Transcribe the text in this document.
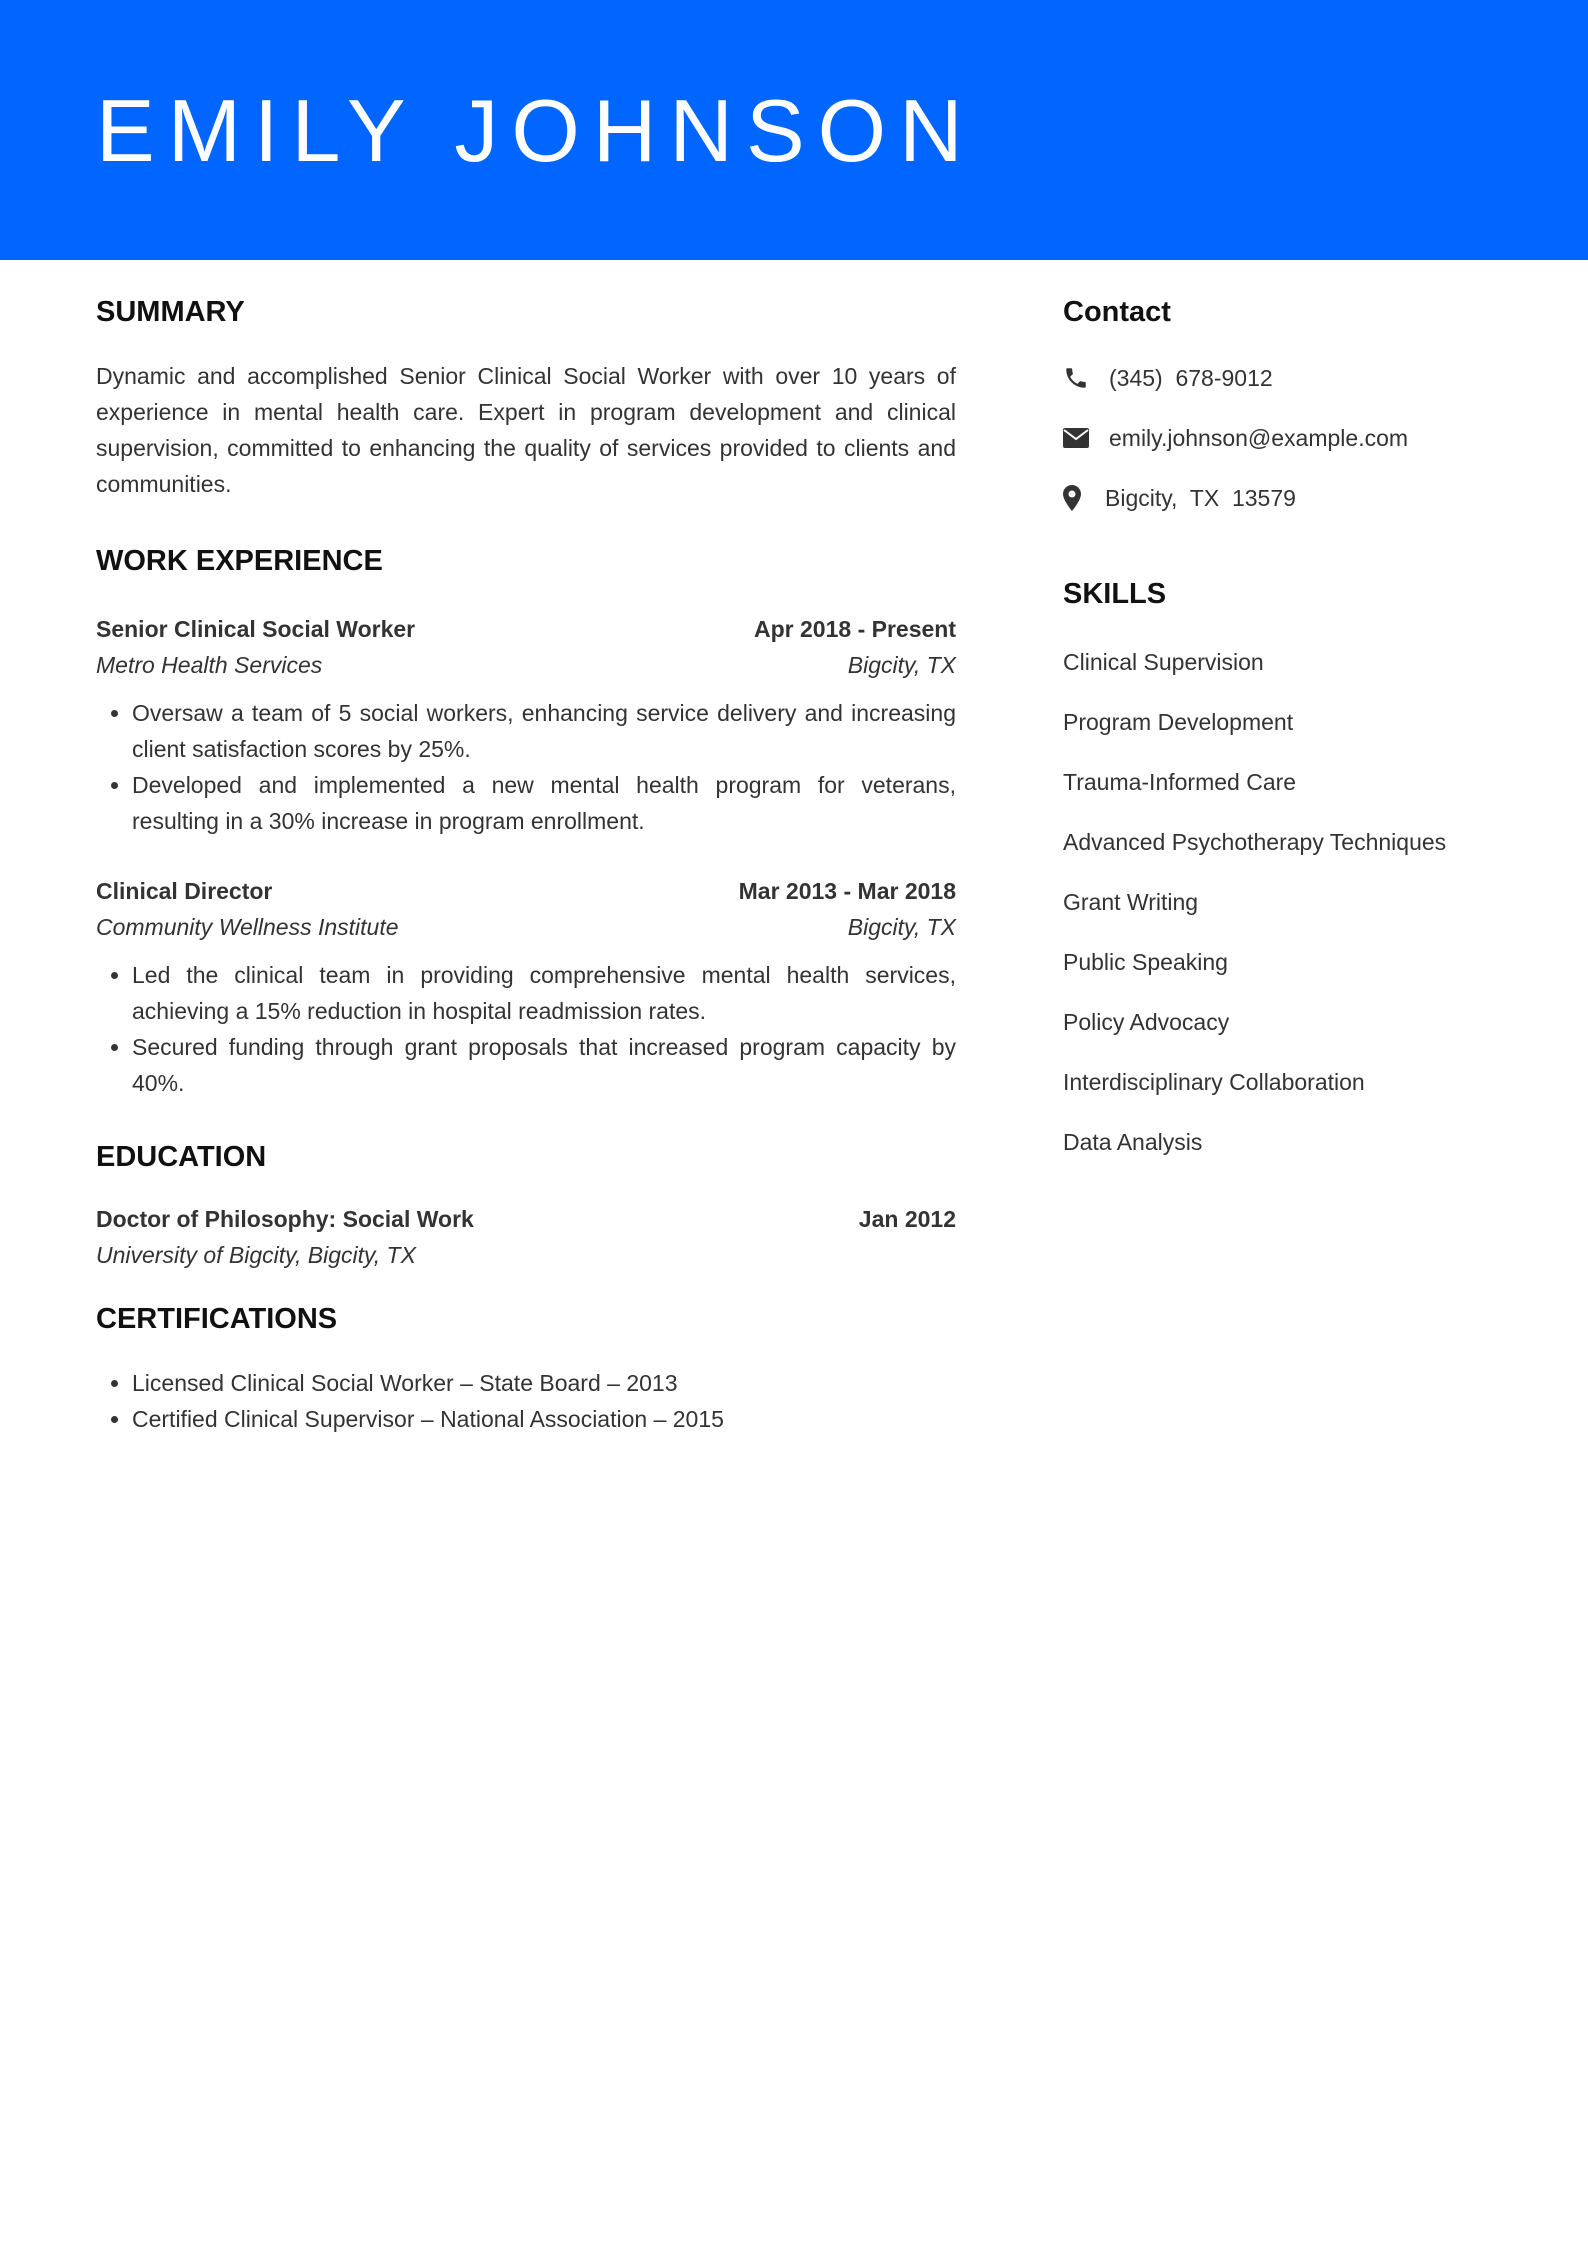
EMILY JOHNSON
SUMMARY

Dynamic and accomplished Senior Clinical Social Worker with over 10 years of experience in mental health care. Expert in program development and clinical supervision, committed to enhancing the quality of services provided to clients and communities.

WORK EXPERIENCE
Senior Clinical Social Worker	Apr 2018 - Present
Metro Health Services	Bigcity, TX
• Oversaw a team of 5 social workers, enhancing service delivery and increasing client satisfaction scores by 25%.
• Developed and implemented a new mental health program for veterans, resulting in a 30% increase in program enrollment.
Clinical Director	Mar 2013 - Mar 2018
Community Wellness Institute	Bigcity, TX
• Led the clinical team in providing comprehensive mental health services, achieving a 15% reduction in hospital readmission rates.
• Secured funding through grant proposals that increased program capacity by 40%.
EDUCATION
Doctor of Philosophy: Social Work	Jan 2012
University of Bigcity, Bigcity, TX
CERTIFICATIONS
• Licensed Clinical Social Worker – State Board – 2013
• Certified Clinical Supervisor – National Association – 2015
Contact
(345)  678-9012
emily.johnson@example.com
Bigcity,  TX  13579
SKILLS
Clinical Supervision
Program Development
Trauma-Informed Care
Advanced Psychotherapy Techniques
Grant Writing
Public Speaking
Policy Advocacy
Interdisciplinary Collaboration
Data Analysis
